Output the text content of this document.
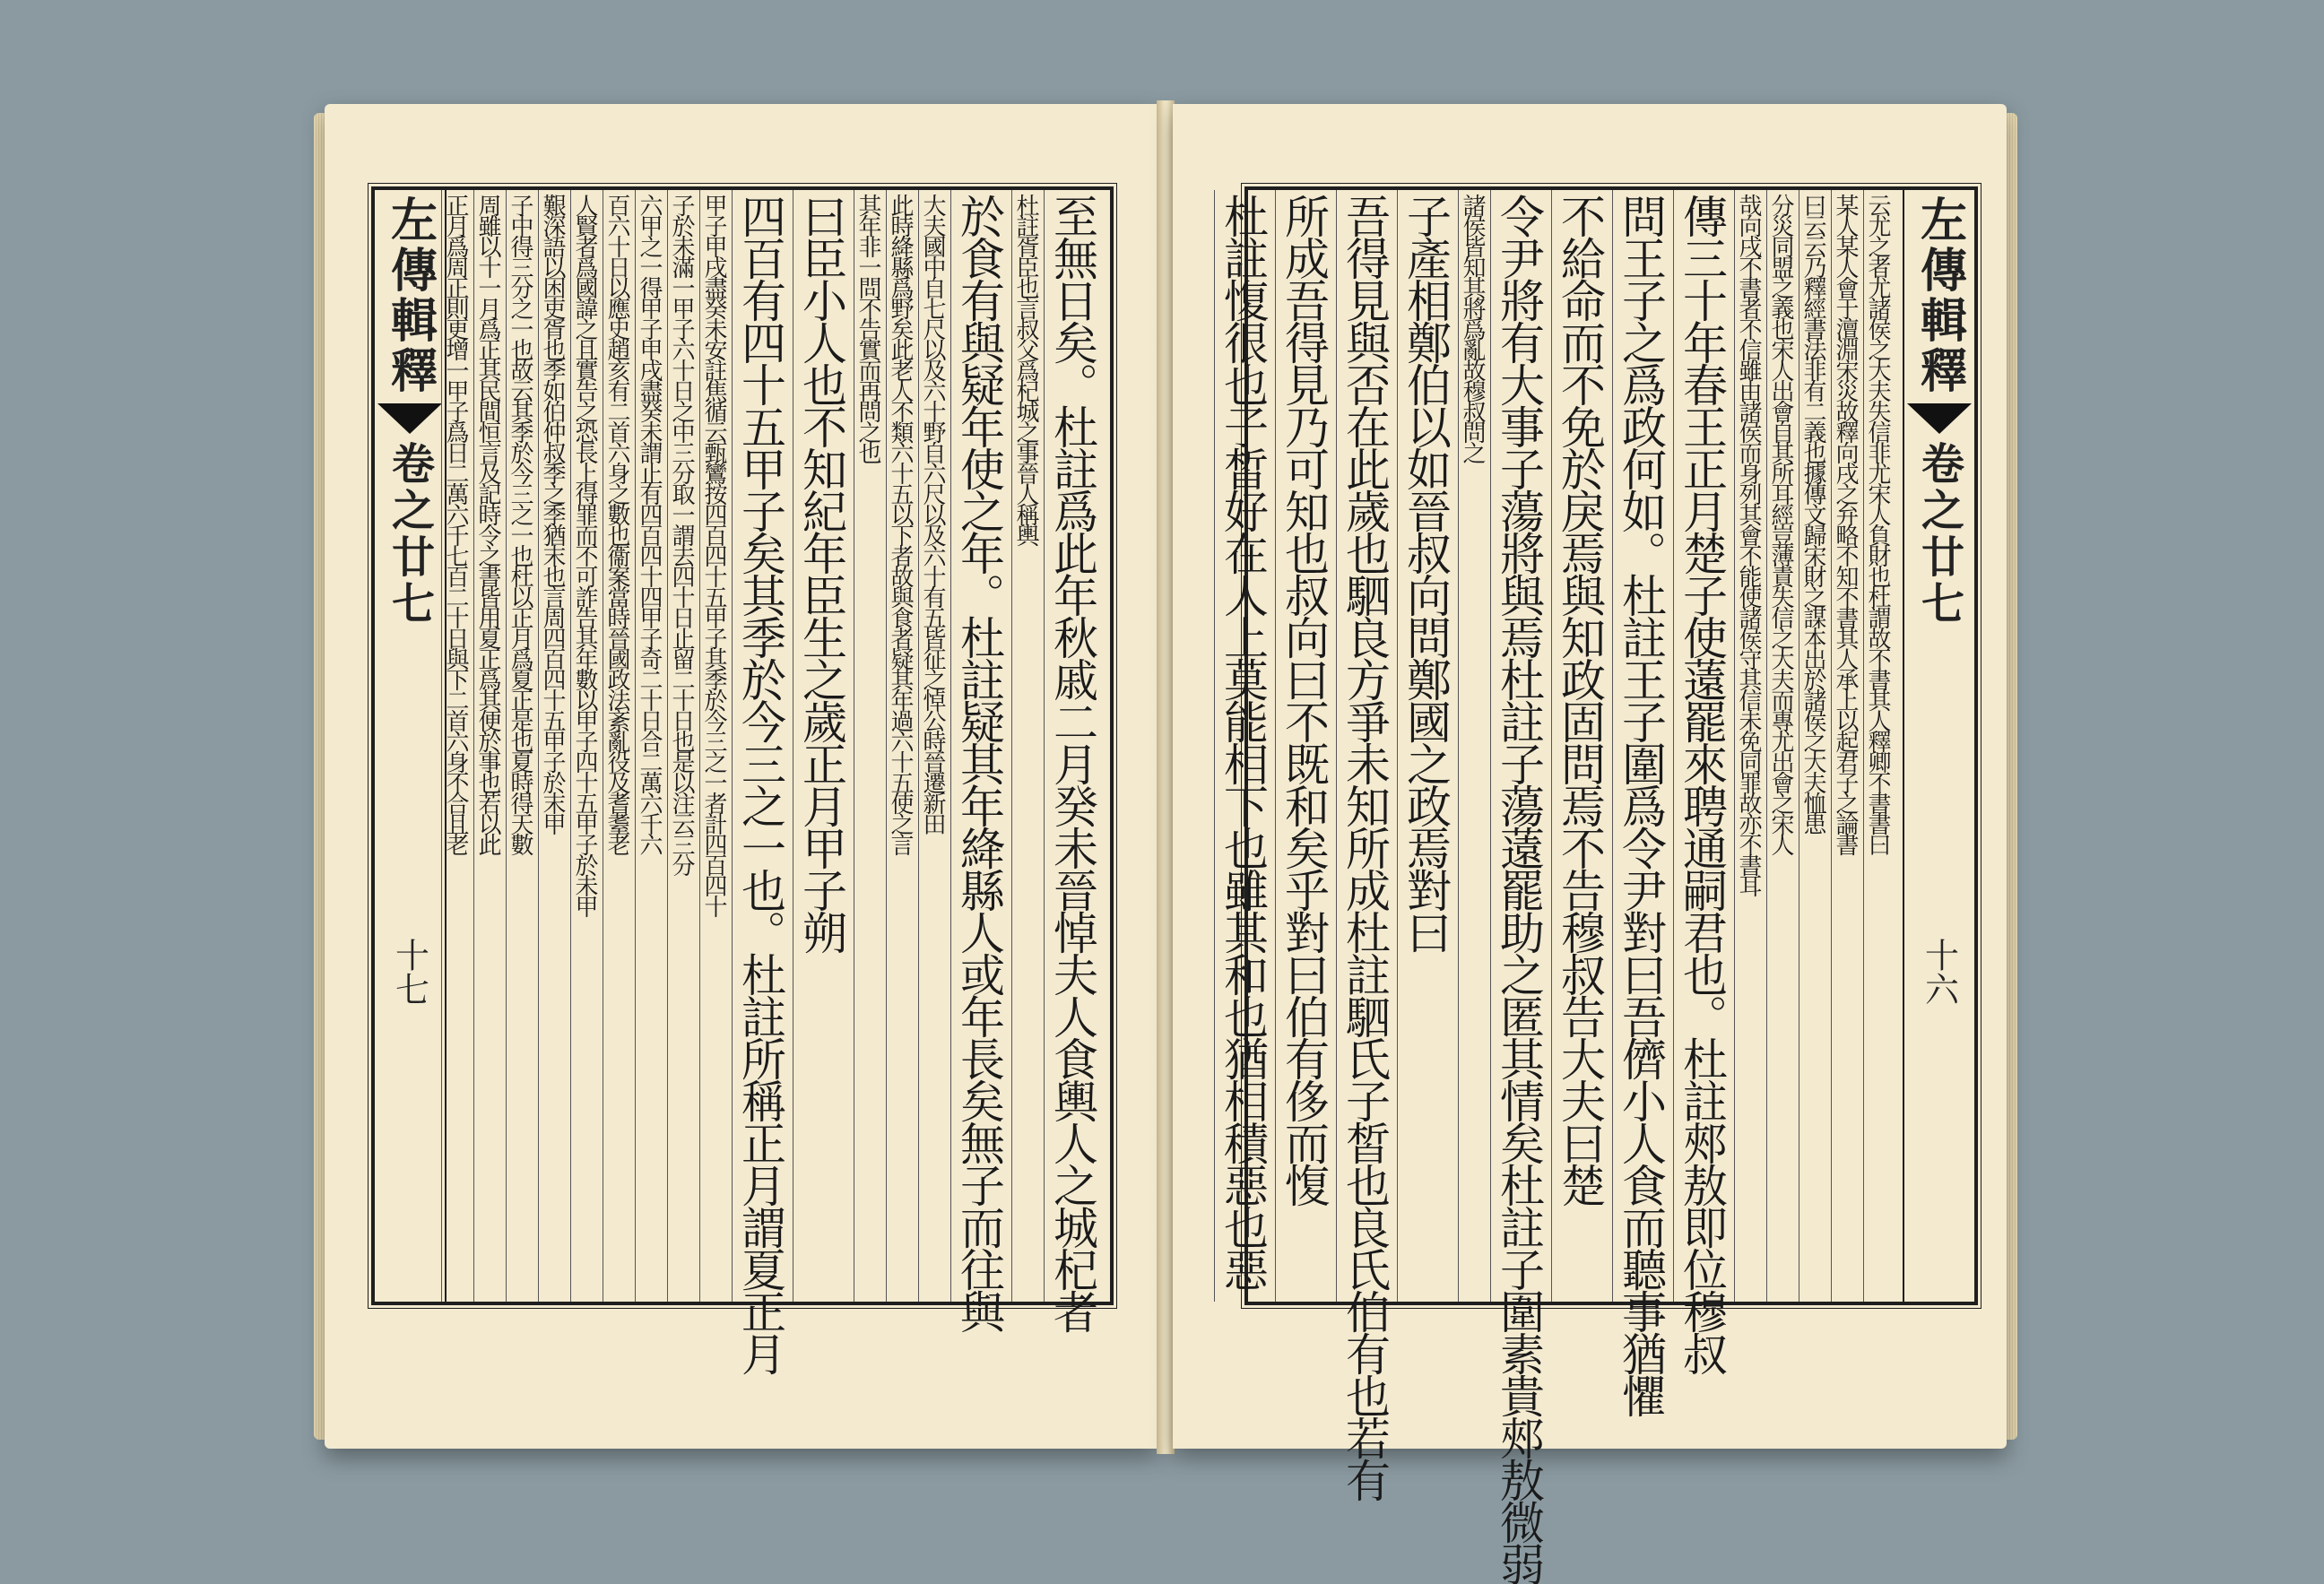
左傳輯釋
卷之廿七
十七	至無日矣。杜註爲此年秋戚二月癸未晉悼夫人食輿人之城杞者
杜註胥臣也言叔父爲杞城之事晉人稱輿
於食有與疑年使之年。杜註疑其年絳縣人或年長矣無子而往與
大夫國中自七尺以及六十野自六尺以及六十有五皆征之悼公時晉遷新田
此時絳縣爲野矣此老人不類六十五以下者故與食者疑其年過六十五使之言
其年非一問不告實而再問之也
曰臣小人也不知紀年臣生之歲正月甲子朔
四百有四十五甲子矣其季於今三之一也。杜註所稱正月謂夏正月
甲子甲戌盡癸未安註焦循云甄鸞按四百四十五甲子其季於今三之一者計四百四十
子於未滿一甲子六十日之中三分取一謂去四十日止留二十日也是以注云三分
六甲之一得甲子甲戌盡癸未謂止有四百四十四甲子奇二十日合二萬六千六
百六十日以應史趙亥有二首六身之數也衞案當時晉國政法紊亂役及耆耋老
人賢者爲國諱之且實告之恐長上得罪而不可詐告其年數以甲子四十五甲子於未甲
艱深語以困吏胥也季如伯仲叔季之季猶末也言周四百四十五甲子於末甲
子中得三分之一也故云其季於今三之一也杜以正月爲夏正是也夏時得天數
周雖以十一月爲正其民間恒言及記時令之書皆用夏正爲其便於事也若以此
正月爲周正則更增一甲子爲日二萬六千七百二十日與下二首六身不合且老	左傳輯釋
卷之廿七
十六
云尤之者尤諸侯之大夫失信非尤宋人負財也杜謂故不書其人釋卿不書書曰
某人某人會于澶淵宋災故釋向戌之弁略不知不書其人承上以起君子之論書
曰云云乃釋經書法非有二義也據傳文歸宋財之謀本出於諸侯之大夫恤患
分災同盟之義也宋人出會自其所耳經豈薄責失信之大夫而專尤出會之宋人
哉向戌不書者不信雖由諸侯而身列其會不能使諸侯守其信未免同罪故亦不書耳
傳三十年春王正月楚子使薳罷來聘通嗣君也。杜註郟敖即位穆叔
問王子之爲政何如。杜註王子圍爲令尹對曰吾儕小人食而聽事猶懼
不給命而不免於戾焉與知政固問焉不告穆叔告大夫曰楚
令尹將有大事子蕩將與焉杜註子蕩薳罷助之匿其情矣杜註子圍素貴郟敖微弱
諸侯皆知其將爲亂故穆叔問之
子產相鄭伯以如晉叔向問鄭國之政焉對曰
吾得見與否在此歲也駟良方爭未知所成杜註駟氏子皙也良氏伯有也若有
所成吾得見乃可知也叔向曰不既和矣乎對曰伯有侈而愎
杜註愎很也子皙好在人上莫能相下也雖其和也猶相積惡也惡
